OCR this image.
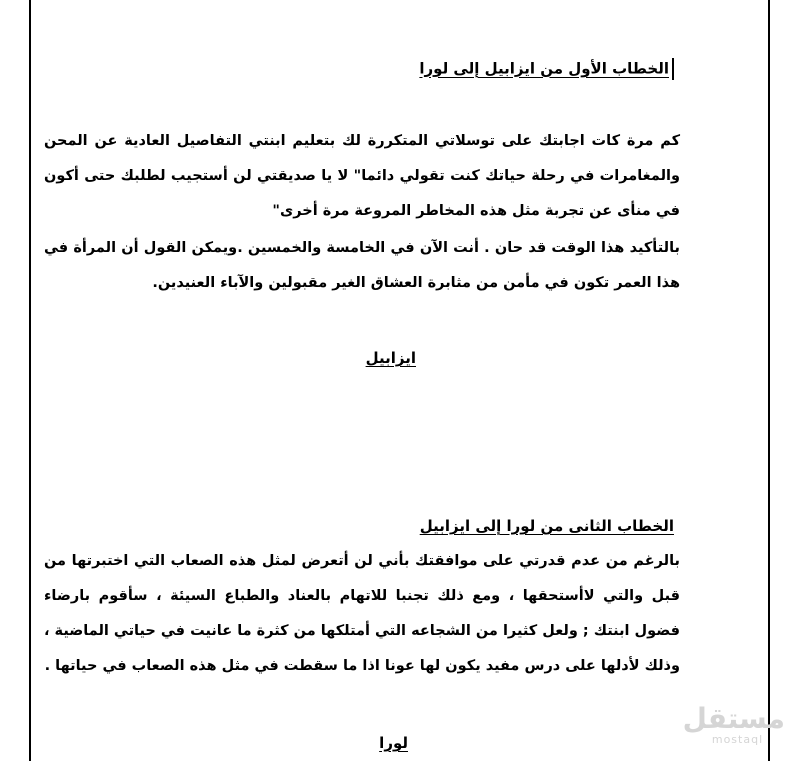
الخطاب الأول من ايزابيل إلى لورا
كم مرة كات اجابتك على توسلاتي المتكررة لك بتعليم ابنتي التفاصيل العادية عن المحن والمغامرات في رحلة حياتك كنت تقولي دائما" لا يا صديقتي لن أستجيب لطلبك حتى أكون في منأى عن تجربة مثل هذه المخاطر المروعة مرة أخرى"
بالتأكيد هذا الوقت قد حان . أنت الآن في الخامسة والخمسين .ويمكن القول أن المرأة في هذا العمر تكون في مأمن من مثابرة العشاق الغير مقبولين والآباء العنيدين.
ايزابيل
الخطاب الثانى من لورا إلى ايزابيل
بالرغم من عدم قدرتي على موافقتك بأني لن أتعرض لمثل هذه الصعاب التي اختبرتها من قبل والتي لاأستحقها ، ومع ذلك تجنبا للاتهام بالعناد والطباع السيئة ، سأقوم بارضاء فضول ابنتك ; ولعل كثيرا من الشجاعه التي أمتلكها من كثرة ما عانيت في حياتي الماضية ، وذلك لأدلها على درس مفيد يكون لها عونا اذا ما سقطت في مثل هذه الصعاب في حياتها .
لورا
مستقل
mostaql
